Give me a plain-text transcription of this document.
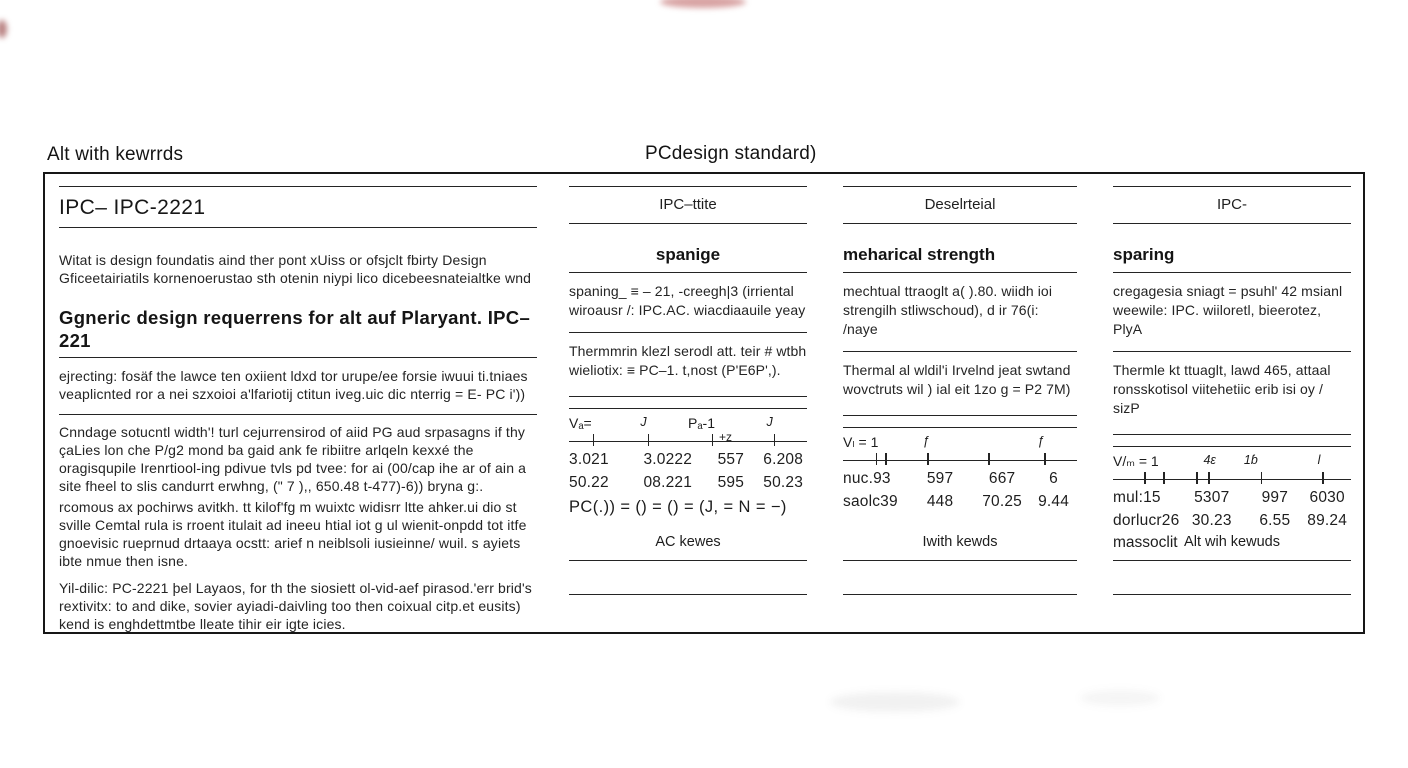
Alt with kewrrds	PCdesign standard)
IPC– IPC-2221

Witat is design foundatis aind ther pont xUiss or ofsjclt fbirty Design Gficeetairiatils kornenoerustao sth otenin niypi lico dicebeesnateialtke wnd

Ggneric design requerrens for alt auf Plaryant. IPC–221

ejrecting: fosäf the lawce ten oxiient ldxd tor urupe/ee forsie iwuui ti.tniaes veaplicnted ror a nei szxoioi a'lfariotij ctitun iveg.uic dic nterrig = E- PC i'))

Cnndage sotucntl width'! turl cejurrensirod of aiid PG aud srpasagns if thy çaLies lon che P/g2 mond ba gaid ank fe ribiitre arlqeln kexxé the oragisqupile Irenrtiool-ing pdivue tvls pd tvee: for ai (00/cap ihe ar of ain a site fheel to slis candurrt erwhng, (" 7 ),, 650.48 t-477)-6)) bryna g:.

rcomous ax pochirws avitkh. tt kilof'fg m wuixtc widisrr ltte ahker.ui dio st sville Cemtal rula is rroent itulait ad ineeu htial iot g ul wienit-onpdd tot itfe gnoevisic rueprnud drtaaya ocstt: arief n neiblsoli iusieinne/ wuil. s ayiets ibte nmue then isne.

Yil-dilic: PC-2221 þel Layaos, for th the siosiett ol-vid-aef pirasod.'err brid's rextivitx: to and dike, sovier ayiadi-daivling too then coixual citp.et eusits) kend is enghdettmtbe lleate tihir eir igte icies.

IPC–ttite
spanige

spaning_ ≡ – 21, -creegh|3 (irriental wiroausr /: IPC.AC. wiacdiaauile yeay

Thermmrin klezl serodl att. teir # wtbh wieliotix: ≡ PC–1. t,nost (P'E6P',).

Vₐ=	J	Pₐ-1	J
+z
3.021	3.0222	557	6.208
50.22	08.221	595	50.23
PC(.)) = () = () = (J, = N = −)
AC kewes
Deselrteial
meharical strength

mechtual ttraoglt a( ).80. wiidh ioi strengilh stliwschoud), d ir 76(i: /naye

Thermal al wldil'i Irvelnd jeat swtand wovctruts wil ) ial eit 1zo g = P2 7M)

Vₗ = 1	ƒ	ƒ
nuc.93	597	667	6
saolc39	448	70.25	9.44
Iwith kewds
IPC-
sparing

cregagesia sniagt = psuhl' 42 msianl weewile: IPC. wiiloretl, bieerotez, PlyA

Thermle kt ttuaglt, lawd 465, attaal ronsskotisol viitehetiic erib isi oy / sizP

V/ₘ = 1	4ɛ 1ɓ	l
mul:15	5307	997	6030
dorlucr26 30.23	6.55	89.24
massoclit Alt wih kewuds
